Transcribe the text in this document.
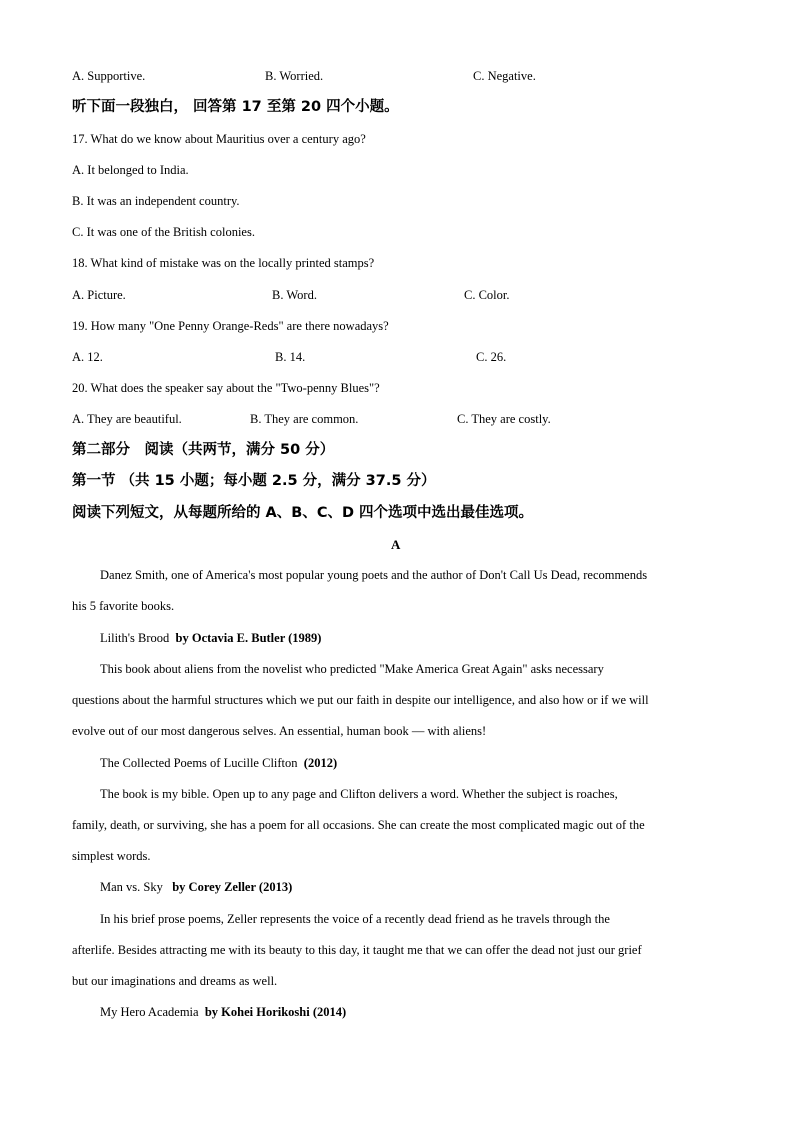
A. Supportive.	B. Worried.	C. Negative.
听下面一段独白， 回答第 17 至第 20 四个小题。
17. What do we know about Mauritius over a century ago?
A. It belonged to India.
B. It was an independent country.
C. It was one of the British colonies.
18. What kind of mistake was on the locally printed stamps?
A. Picture.	B. Word.	C. Color.
19. How many "One Penny Orange-Reds" are there nowadays?
A. 12.	B. 14.	C. 26.
20. What does the speaker say about the "Two-penny Blues"?
A. They are beautiful.	B. They are common.	C. They are costly.
第二部分　阅读（共两节，满分 50 分）
第一节 （共 15 小题；每小题 2.5 分，满分 37.5 分）
阅读下列短文，从每题所给的 A、B、C、D 四个选项中选出最佳选项。
A
Danez Smith, one of America's most popular young poets and the author of Don't Call Us Dead, recommends
his 5 favorite books.
Lilith's Brood by Octavia E. Butler (1989)
This book about aliens from the novelist who predicted "Make America Great Again" asks necessary
questions about the harmful structures which we put our faith in despite our intelligence, and also how or if we will
evolve out of our most dangerous selves. An essential, human book — with aliens!
The Collected Poems of Lucille Clifton (2012)
The book is my bible. Open up to any page and Clifton delivers a word. Whether the subject is roaches,
family, death, or surviving, she has a poem for all occasions. She can create the most complicated magic out of the
simplest words.
Man vs. Sky by Corey Zeller (2013)
In his brief prose poems, Zeller represents the voice of a recently dead friend as he travels through the
afterlife. Besides attracting me with its beauty to this day, it taught me that we can offer the dead not just our grief
but our imaginations and dreams as well.
My Hero Academia by Kohei Horikoshi (2014)
